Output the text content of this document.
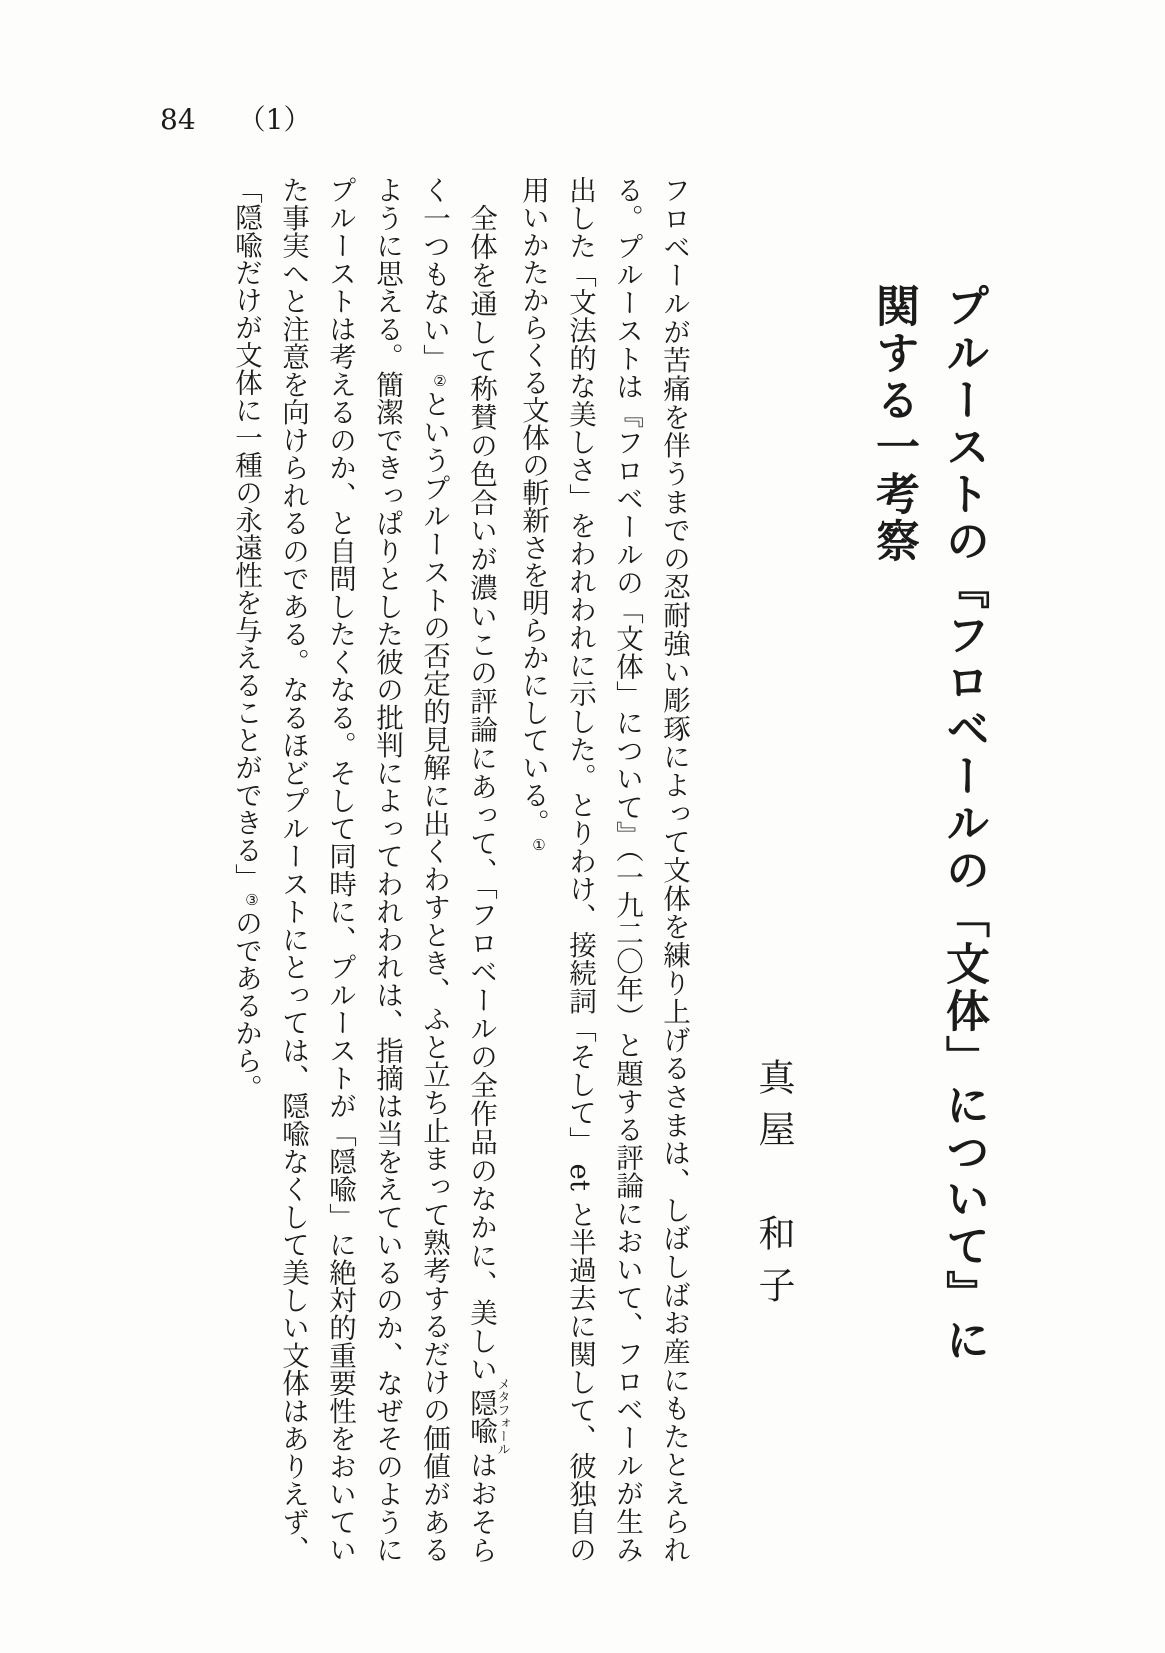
84 （1）
プルーストの『フロベールの「文体」について』に
関する一考察
真屋　和子
フロベールが苦痛を伴うまでの忍耐強い彫琢によって文体を練り上げるさまは、しばしばお産にもたとえられ
る。プルーストは『フロベールの「文体」について』（一九二〇年）と題する評論において、フロベールが生み
出した「文法的な美しさ」をわれわれに示した。とりわけ、接続詞「そして」 et と半過去に関して、彼独自の
用いかたからくる文体の斬新さを明らかにしている。①
全体を通して称賛の色合いが濃いこの評論にあって、「フロベールの全作品のなかに、美しい隠喩メタフォールはおそら
く一つもない」②というプルーストの否定的見解に出くわすとき、ふと立ち止まって熟考するだけの価値がある
ように思える。簡潔できっぱりとした彼の批判によってわれわれは、指摘は当をえているのか、なぜそのように
プルーストは考えるのか、と自問したくなる。そして同時に、プルーストが「隠喩」に絶対的重要性をおいてい
た事実へと注意を向けられるのである。なるほどプルーストにとっては、隠喩なくして美しい文体はありえず、
「隠喩だけが文体に一種の永遠性を与えることができる」③のであるから。
